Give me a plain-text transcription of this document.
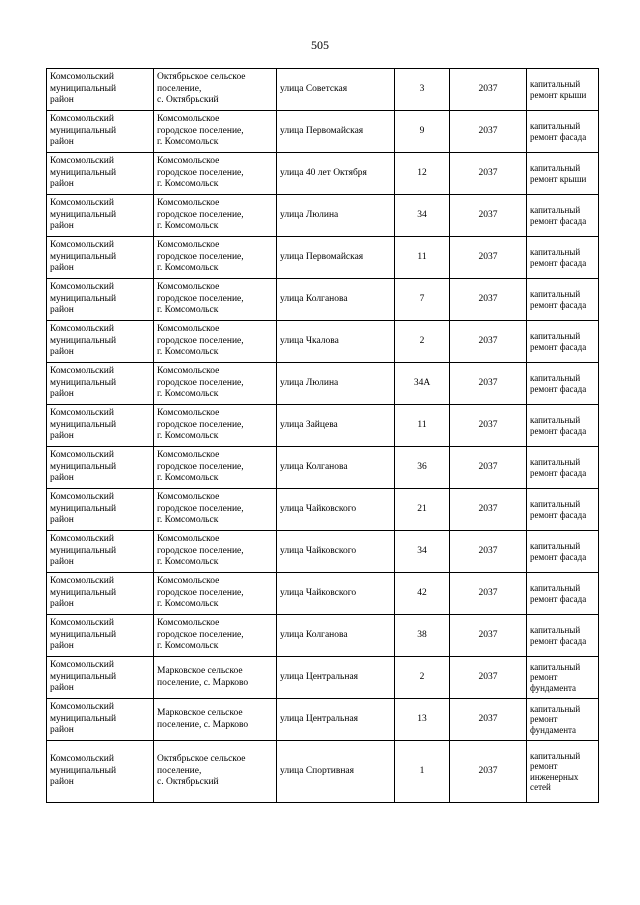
505
Комсомольский
муниципальный
район	Октябрьское сельское
поселение,
с. Октябрьский	улица Советская	3	2037	капитальный
ремонт крыши

Комсомольский
муниципальный
район	Комсомольское
городское поселение,
г. Комсомольск	улица Первомайская	9	2037	капитальный
ремонт фасада

Комсомольский
муниципальный
район	Комсомольское
городское поселение,
г. Комсомольск	улица 40 лет Октября	12	2037	капитальный
ремонт крыши

Комсомольский
муниципальный
район	Комсомольское
городское поселение,
г. Комсомольск	улица Люлина	34	2037	капитальный
ремонт фасада

Комсомольский
муниципальный
район	Комсомольское
городское поселение,
г. Комсомольск	улица Первомайская	11	2037	капитальный
ремонт фасада

Комсомольский
муниципальный
район	Комсомольское
городское поселение,
г. Комсомольск	улица Колганова	7	2037	капитальный
ремонт фасада

Комсомольский
муниципальный
район	Комсомольское
городское поселение,
г. Комсомольск	улица Чкалова	2	2037	капитальный
ремонт фасада

Комсомольский
муниципальный
район	Комсомольское
городское поселение,
г. Комсомольск	улица Люлина	34А	2037	капитальный
ремонт фасада

Комсомольский
муниципальный
район	Комсомольское
городское поселение,
г. Комсомольск	улица Зайцева	11	2037	капитальный
ремонт фасада

Комсомольский
муниципальный
район	Комсомольское
городское поселение,
г. Комсомольск	улица Колганова	36	2037	капитальный
ремонт фасада

Комсомольский
муниципальный
район	Комсомольское
городское поселение,
г. Комсомольск	улица Чайковского	21	2037	капитальный
ремонт фасада

Комсомольский
муниципальный
район	Комсомольское
городское поселение,
г. Комсомольск	улица Чайковского	34	2037	капитальный
ремонт фасада

Комсомольский
муниципальный
район	Комсомольское
городское поселение,
г. Комсомольск	улица Чайковского	42	2037	капитальный
ремонт фасада

Комсомольский
муниципальный
район	Комсомольское
городское поселение,
г. Комсомольск	улица Колганова	38	2037	капитальный
ремонт фасада

Комсомольский
муниципальный
район	Марковское сельское
поселение, с. Марково	улица Центральная	2	2037	капитальный
ремонт
фундамента

Комсомольский
муниципальный
район	Марковское сельское
поселение, с. Марково	улица Центральная	13	2037	капитальный
ремонт
фундамента

Комсомольский
муниципальный
район	Октябрьское сельское
поселение,
с. Октябрьский	улица Спортивная	1	2037	капитальный
ремонт
инженерных
сетей
